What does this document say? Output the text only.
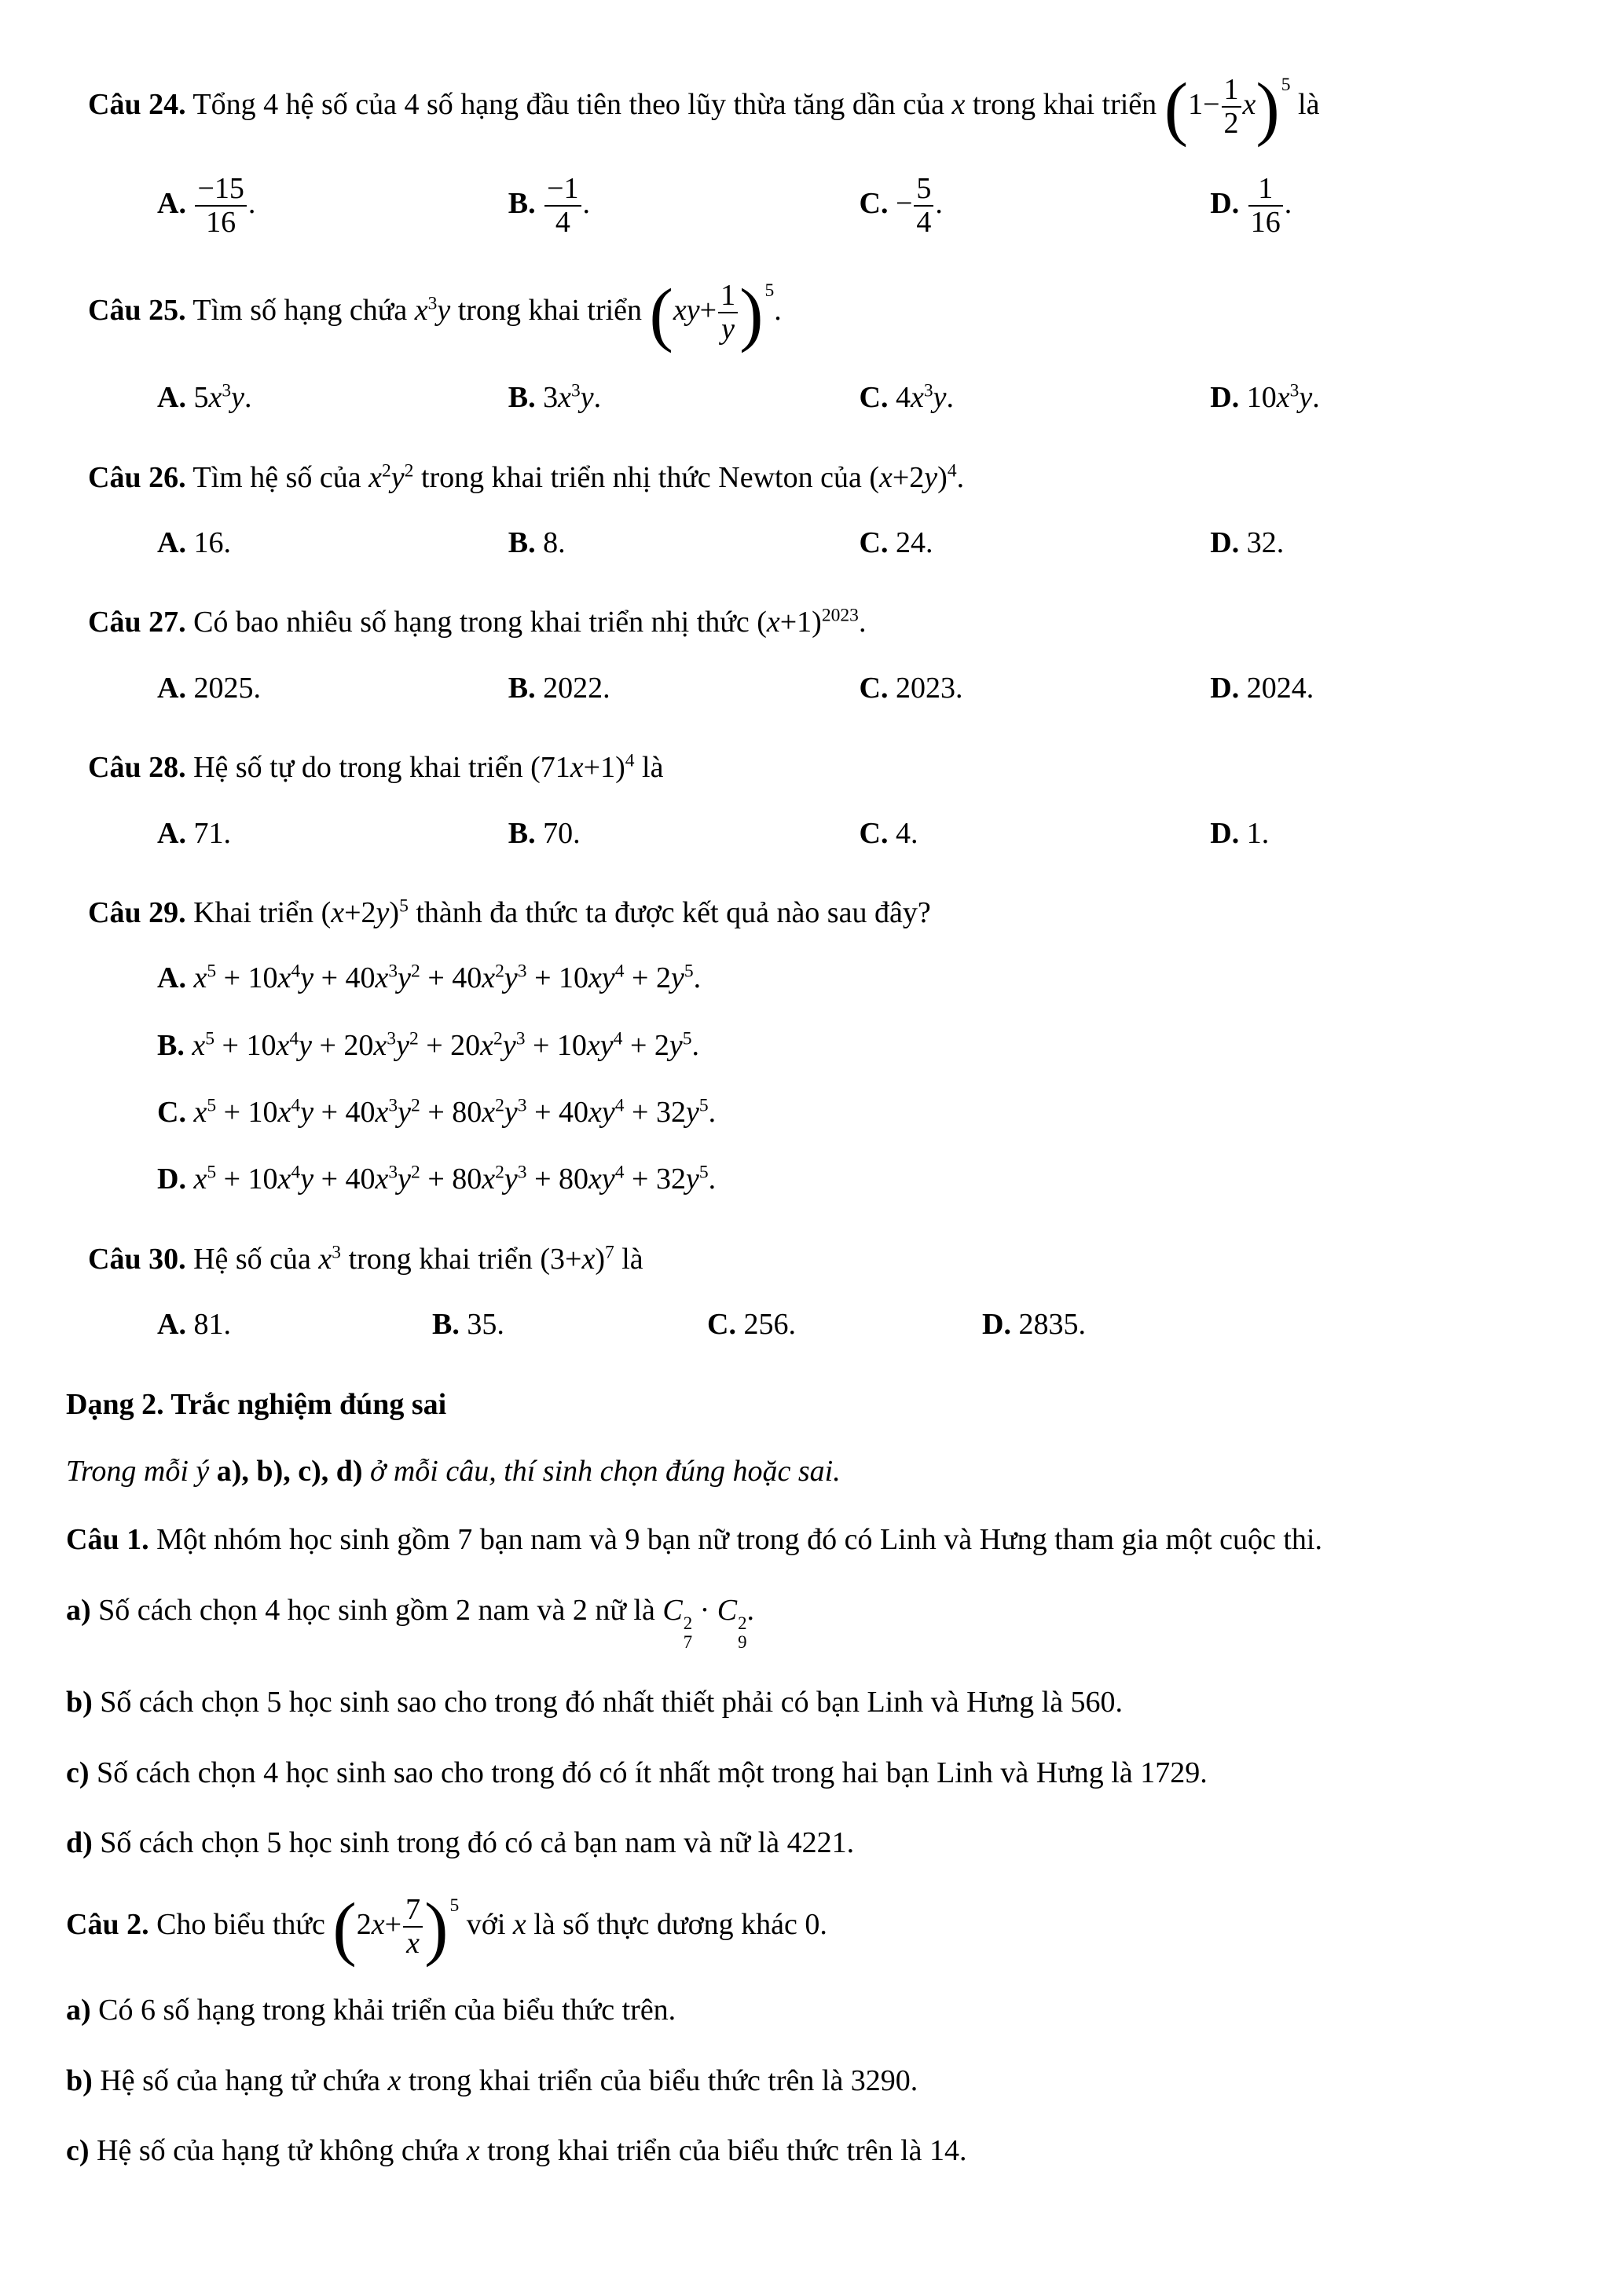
Câu 24. Tổng 4 hệ số của 4 số hạng đầu tiên theo lũy thừa tăng dần của x trong khai triển $(1- \frac{1}{2} x)^5$ là

A. $\frac{-15}{16}$ .	B. $\frac{-1}{4}$ .	C. − $\frac{5}{4}$ .	D. $\frac{1}{16}$ .

Câu 25. Tìm số hạng chứa $x^3y$ trong khai triển $(xy+ \frac{1}{y} )^5$.

A. $5x^3y$.	B. $3x^3y$.	C. $4x^3y$.	D. $10x^3y$.

Câu 26. Tìm hệ số của $x^2y^2$ trong khai triển nhị thức Newton của $(x+2y)^4$.

A. 16.	B. 8.	C. 24.	D. 32.

Câu 27. Có bao nhiêu số hạng trong khai triển nhị thức $(x+1)^{2023}$.

A. 2025.	B. 2022.	C. 2023.	D. 2024.

Câu 28. Hệ số tự do trong khai triển $(71x+1)^4$ là

A. 71.	B. 70.	C. 4.	D. 1.

Câu 29. Khai triển $(x+2y)^5$ thành đa thức ta được kết quả nào sau đây?

A. $x^5 + 10x^4y + 40x^3y^2 + 40x^2y^3 + 10xy^4 + 2y^5$.
B. $x^5 + 10x^4y + 20x^3y^2 + 20x^2y^3 + 10xy^4 + 2y^5$.
C. $x^5 + 10x^4y + 40x^3y^2 + 80x^2y^3 + 40xy^4 + 32y^5$.
D. $x^5 + 10x^4y + 40x^3y^2 + 80x^2y^3 + 80xy^4 + 32y^5$.

Câu 30. Hệ số của $x^3$ trong khai triển $(3+x)^7$ là

A. 81.	B. 35.	C. 256.	D. 2835.
Dạng 2. Trắc nghiệm đúng sai

Trong mỗi ý a), b), c), d) ở mỗi câu, thí sinh chọn đúng hoặc sai.

Câu 1. Một nhóm học sinh gồm 7 bạn nam và 9 bạn nữ trong đó có Linh và Hưng tham gia một cuộc thi.

a) Số cách chọn 4 học sinh gồm 2 nam và 2 nữ là C 2
7
· C 2
9
.

b) Số cách chọn 5 học sinh sao cho trong đó nhất thiết phải có bạn Linh và Hưng là 560.

c) Số cách chọn 4 học sinh sao cho trong đó có ít nhất một trong hai bạn Linh và Hưng là 1729.

d) Số cách chọn 5 học sinh trong đó có cả bạn nam và nữ là 4221.

Câu 2. Cho biểu thức $(2x+ \frac{7}{x} )^5$ với x là số thực dương khác 0.

a) Có 6 số hạng trong khải triển của biểu thức trên.

b) Hệ số của hạng tử chứa x trong khai triển của biểu thức trên là 3290.

c) Hệ số của hạng tử không chứa x trong khai triển của biểu thức trên là 14.
